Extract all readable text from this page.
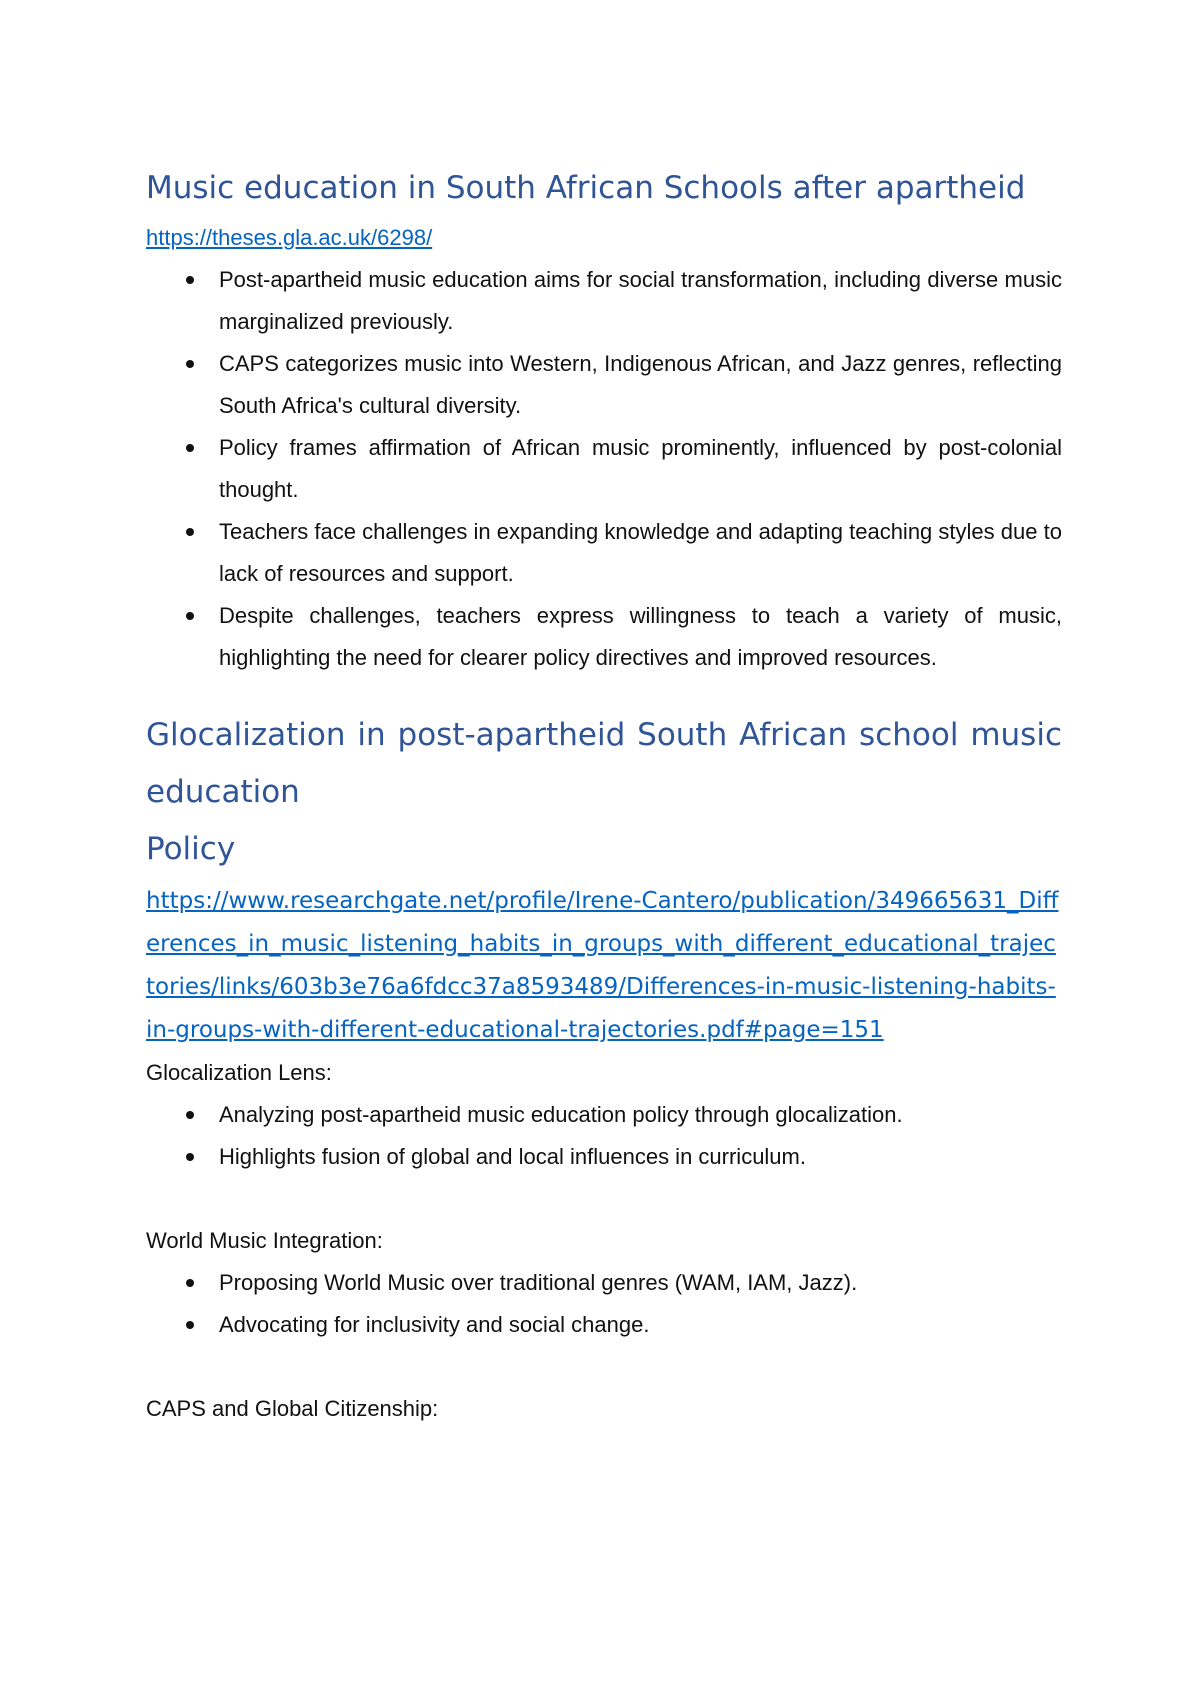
Music education in South African Schools after apartheid
https://theses.gla.ac.uk/6298/
Post-apartheid music education aims for social transformation, including diverse music marginalized previously.
CAPS categorizes music into Western, Indigenous African, and Jazz genres, reflecting South Africa's cultural diversity.
Policy frames affirmation of African music prominently, influenced by post-colonial thought.
Teachers face challenges in expanding knowledge and adapting teaching styles due to lack of resources and support.
Despite challenges, teachers express willingness to teach a variety of music, highlighting the need for clearer policy directives and improved resources.
Glocalization in post-apartheid South African school music education
Policy
https://www.researchgate.net/profile/Irene-Cantero/publication/349665631_Differences_in_music_listening_habits_in_groups_with_different_educational_trajectories/links/603b3e76a6fdcc37a8593489/Differences-in-music-listening-habits-in-groups-with-different-educational-trajectories.pdf#page=151

Glocalization Lens:

Analyzing post-apartheid music education policy through glocalization.
Highlights fusion of global and local influences in curriculum.

World Music Integration:

Proposing World Music over traditional genres (WAM, IAM, Jazz).
Advocating for inclusivity and social change.

CAPS and Global Citizenship:
